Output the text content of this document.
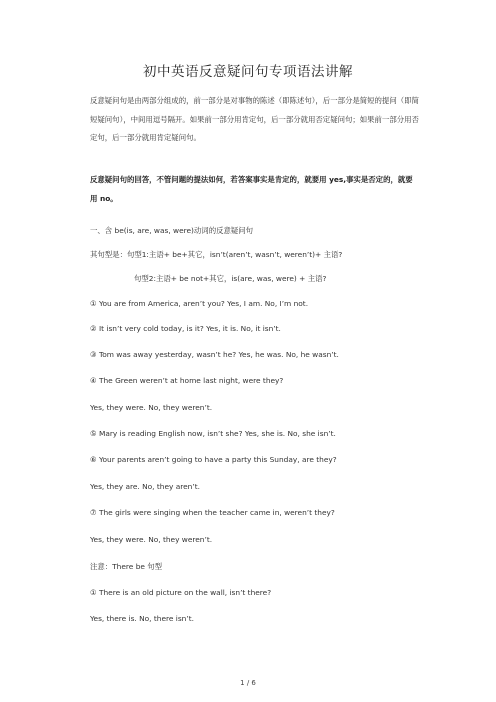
初中英语反意疑问句专项语法讲解
反意疑问句是由两部分组成的，前一部分是对事物的陈述（即陈述句），后一部分是简短的提问（即简短疑问句），中间用逗号隔开。如果前一部分用肯定句，后一部分就用否定疑问句；如果前一部分用否定句，后一部分就用肯定疑问句。
反意疑问句的回答，不管问题的提法如何，若答案事实是肯定的，就要用 yes,事实是否定的，就要用 no。
一、含 be(is, are, was, were)动词的反意疑问句
其句型是：句型1:主语+ be+其它，isn’t(aren’t, wasn’t, weren’t)+ 主语?
句型2:主语+ be not+其它，is(are, was, were) + 主语?
① You are from America, aren’t you? Yes, I am. No, I’m not.
② It isn’t very cold today, is it? Yes, it is. No, it isn’t.
③ Tom was away yesterday, wasn’t he? Yes, he was. No, he wasn’t.
④ The Green weren’t at home last night, were they?
Yes, they were. No, they weren’t.
⑤ Mary is reading English now, isn’t she? Yes, she is. No, she isn’t.
⑥ Your parents aren’t going to have a party this Sunday, are they?
Yes, they are. No, they aren’t.
⑦ The girls were singing when the teacher came in, weren’t they?
Yes, they were. No, they weren’t.
注意：There be 句型
① There is an old picture on the wall, isn’t there?
Yes, there is. No, there isn’t.
1 / 6
